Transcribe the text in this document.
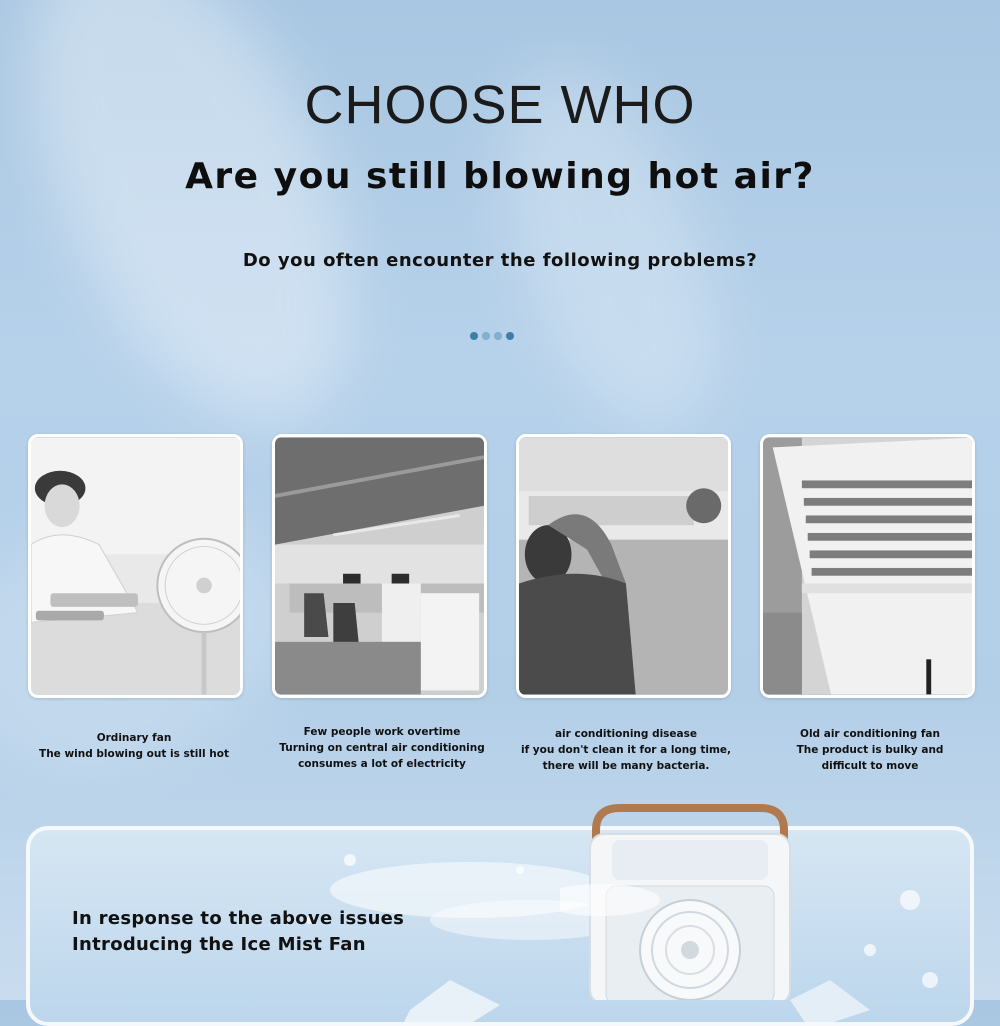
CHOOSE WHO
Are you still blowing hot air?

Do you often encounter the following problems?

Ordinary fan
The wind blowing out is still hot
Few people work overtime
Turning on central air conditioning
consumes a lot of electricity
air conditioning disease
if you don't clean it for a long time,
there will be many bacteria.
Old air conditioning fan
The product is bulky and
difficult to move
In response to the above issues
Introducing the Ice Mist Fan
